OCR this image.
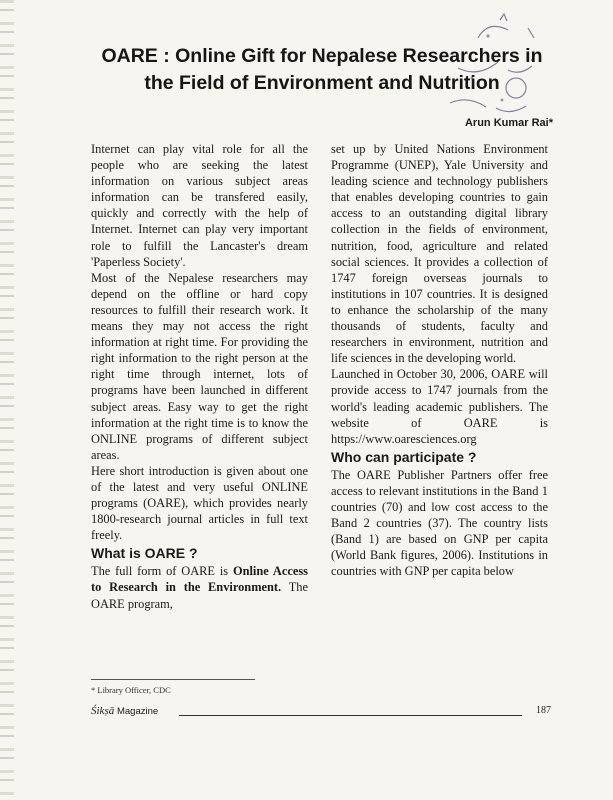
OARE : Online Gift for Nepalese Researchers in
the Field of Environment and Nutrition
Arun Kumar Rai*

Internet can play vital role for all the people who are seeking the latest information on various subject areas information can be transfered easily, quickly and correctly with the help of Internet. Internet can play very important role to fulfill the Lancaster's dream 'Paperless Society'.

Most of the Nepalese researchers may depend on the offline or hard copy resources to fulfill their research work. It means they may not access the right information at right time. For providing the right information to the right person at the right time through internet, lots of programs have been launched in different subject areas. Easy way to get the right information at the right time is to know the ONLINE programs of different subject areas.

Here short introduction is given about one of the latest and very useful ONLINE programs (OARE), which provides nearly 1800-research journal articles in full text freely.

What is OARE ?

The full form of OARE is Online Access to Research in the Environment. The OARE program,

set up by United Nations Environment Programme (UNEP), Yale University and leading science and technology publishers that enables developing countries to gain access to an outstanding digital library collection in the fields of environment, nutrition, food, agriculture and related social sciences. It provides a collection of 1747 foreign overseas journals to institutions in 107 countries. It is designed to enhance the scholarship of the many thousands of students, faculty and researchers in environment, nutrition and life sciences in the developing world.

Launched in October 30, 2006, OARE will provide access to 1747 journals from the world's leading academic publishers. The website of OARE is https://www.oaresciences.org

Who can participate ?

The OARE Publisher Partners offer free access to relevant institutions in the Band 1 countries (70) and low cost access to the Band 2 countries (37). The country lists (Band 1) are based on GNP per capita (World Bank figures, 2006). Institutions in countries with GNP per capita below

* Library Officer, CDC
Śikṣā Magazine	187
